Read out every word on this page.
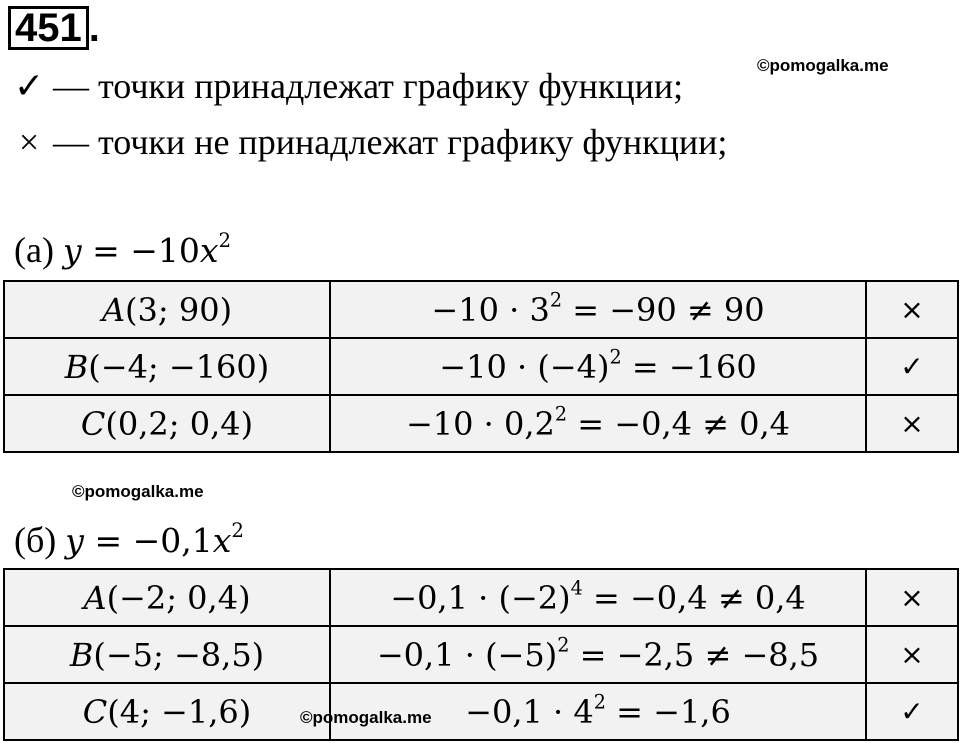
451 .
✓ — точки принадлежат графику функции;
× — точки не принадлежат графику функции;
©pomogalka.me
(а) $y = -10x^2$
A(3; 90)	$-10 \cdot 3^2 = -90 \ne 90$	×
B(−4; −160)	$-10 \cdot (-4)^2 = -160$	✓
C(0,2; 0,4)	$-10 \cdot 0,2^2 = -0,4 \ne 0,4$	×
©pomogalka.me
(б) $y = -0,1x^2$
A(−2; 0,4)	$-0,1 \cdot (-2)^4 = -0,4 \ne 0,4$	×
B(−5; −8,5)	$-0,1 \cdot (-5)^2 = -2,5 \ne -8,5$	×
C(4; −1,6)	$-0,1 \cdot 4^2 = -1,6$	✓
©pomogalka.me
